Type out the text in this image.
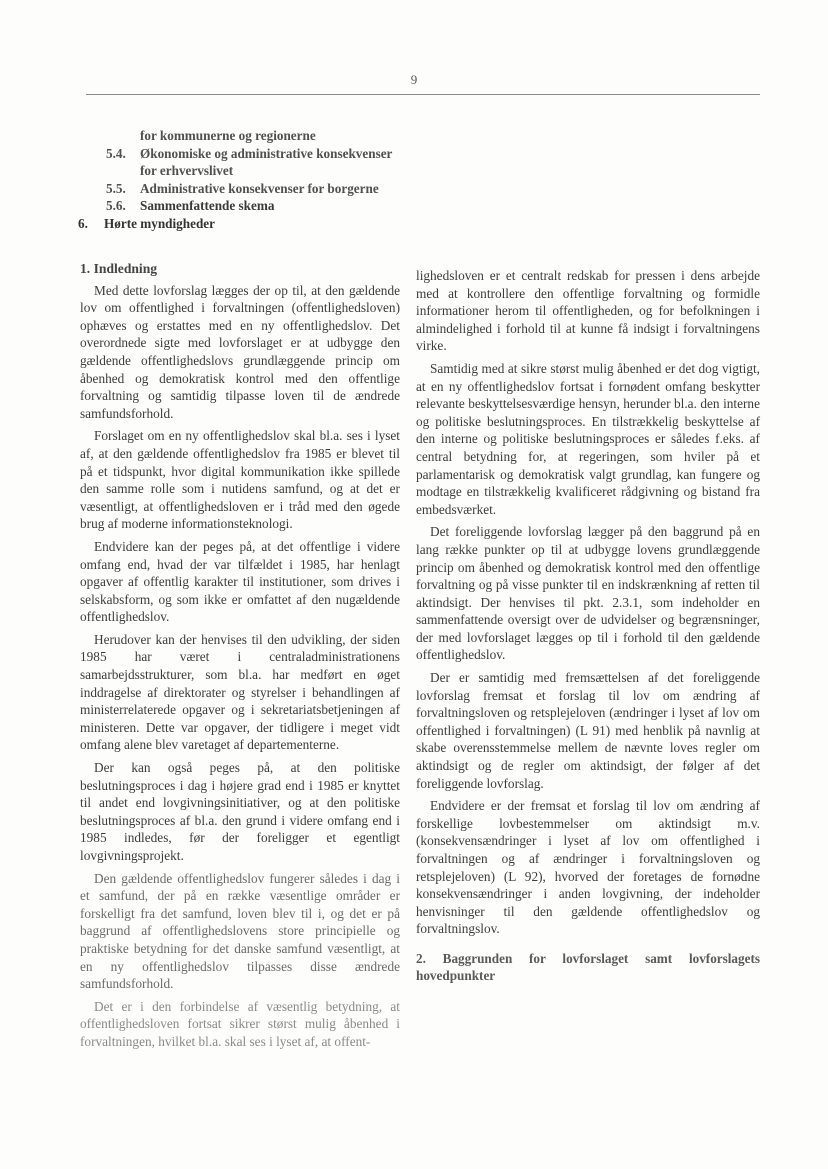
9
for kommunerne og regionerne
5.4.	Økonomiske og administrative konsekvenser
for erhvervslivet
5.5.	Administrative konsekvenser for borgerne
5.6.	Sammenfattende skema
6.	Hørte myndigheder
1. Indledning

Med dette lovforslag lægges der op til, at den gældende lov om offentlighed i forvaltningen (offentlighedsloven) ophæves og erstattes med en ny offentlighedslov. Det overordnede sigte med lovforslaget er at udbygge den gældende offentlighedslovs grundlæggende princip om åbenhed og demokratisk kontrol med den offentlige forvaltning og samtidig tilpasse loven til de ændrede samfundsforhold.

Forslaget om en ny offentlighedslov skal bl.a. ses i lyset af, at den gældende offentlighedslov fra 1985 er blevet til på et tidspunkt, hvor digital kommunikation ikke spillede den samme rolle som i nutidens samfund, og at det er væsentligt, at offentlighedsloven er i tråd med den øgede brug af moderne informationsteknologi.

Endvidere kan der peges på, at det offentlige i videre omfang end, hvad der var tilfældet i 1985, har henlagt opgaver af offentlig karakter til institutioner, som drives i selskabsform, og som ikke er omfattet af den nugældende offentlighedslov.

Herudover kan der henvises til den udvikling, der siden 1985 har været i centraladministrationens samarbejdsstrukturer, som bl.a. har medført en øget inddragelse af direktorater og styrelser i behandlingen af ministerrelaterede opgaver og i sekretariatsbetjeningen af ministeren. Dette var opgaver, der tidligere i meget vidt omfang alene blev varetaget af departementerne.

Der kan også peges på, at den politiske beslutningsproces i dag i højere grad end i 1985 er knyttet til andet end lovgivningsinitiativer, og at den politiske beslutningsproces af bl.a. den grund i videre omfang end i 1985 indledes, før der foreligger et egentligt lovgivningsprojekt.

Den gældende offentlighedslov fungerer således i dag i et samfund, der på en række væsentlige områder er forskelligt fra det samfund, loven blev til i, og det er på baggrund af offentlighedslovens store principielle og praktiske betydning for det danske samfund væsentligt, at en ny offentlighedslov tilpasses disse ændrede samfundsforhold.

Det er i den forbindelse af væsentlig betydning, at offentlighedsloven fortsat sikrer størst mulig åbenhed i forvaltningen, hvilket bl.a. skal ses i lyset af, at offent-

lighedsloven er et centralt redskab for pressen i dens arbejde med at kontrollere den offentlige forvaltning og formidle informationer herom til offentligheden, og for befolkningen i almindelighed i forhold til at kunne få indsigt i forvaltningens virke.

Samtidig med at sikre størst mulig åbenhed er det dog vigtigt, at en ny offentlighedslov fortsat i fornødent omfang beskytter relevante beskyttelsesværdige hensyn, herunder bl.a. den interne og politiske beslutningsproces. En tilstrækkelig beskyttelse af den interne og politiske beslutningsproces er således f.eks. af central betydning for, at regeringen, som hviler på et parlamentarisk og demokratisk valgt grundlag, kan fungere og modtage en tilstrækkelig kvalificeret rådgivning og bistand fra embedsværket.

Det foreliggende lovforslag lægger på den baggrund på en lang række punkter op til at udbygge lovens grundlæggende princip om åbenhed og demokratisk kontrol med den offentlige forvaltning og på visse punkter til en indskrænkning af retten til aktindsigt. Der henvises til pkt. 2.3.1, som indeholder en sammenfattende oversigt over de udvidelser og begrænsninger, der med lovforslaget lægges op til i forhold til den gældende offentlighedslov.

Der er samtidig med fremsættelsen af det foreliggende lovforslag fremsat et forslag til lov om ændring af forvaltningsloven og retsplejeloven (ændringer i lyset af lov om offentlighed i forvaltningen) (L 91) med henblik på navnlig at skabe overensstemmelse mellem de nævnte loves regler om aktindsigt og de regler om aktindsigt, der følger af det foreliggende lovforslag.

Endvidere er der fremsat et forslag til lov om ændring af forskellige lovbestemmelser om aktindsigt m.v. (konsekvensændringer i lyset af lov om offentlighed i forvaltningen og af ændringer i forvaltningsloven og retsplejeloven) (L 92), hvorved der foretages de fornødne konsekvensændringer i anden lovgivning, der indeholder henvisninger til den gældende offentlighedslov og forvaltningslov.

2. Baggrunden for lovforslaget samt lovforslagets hovedpunkter
